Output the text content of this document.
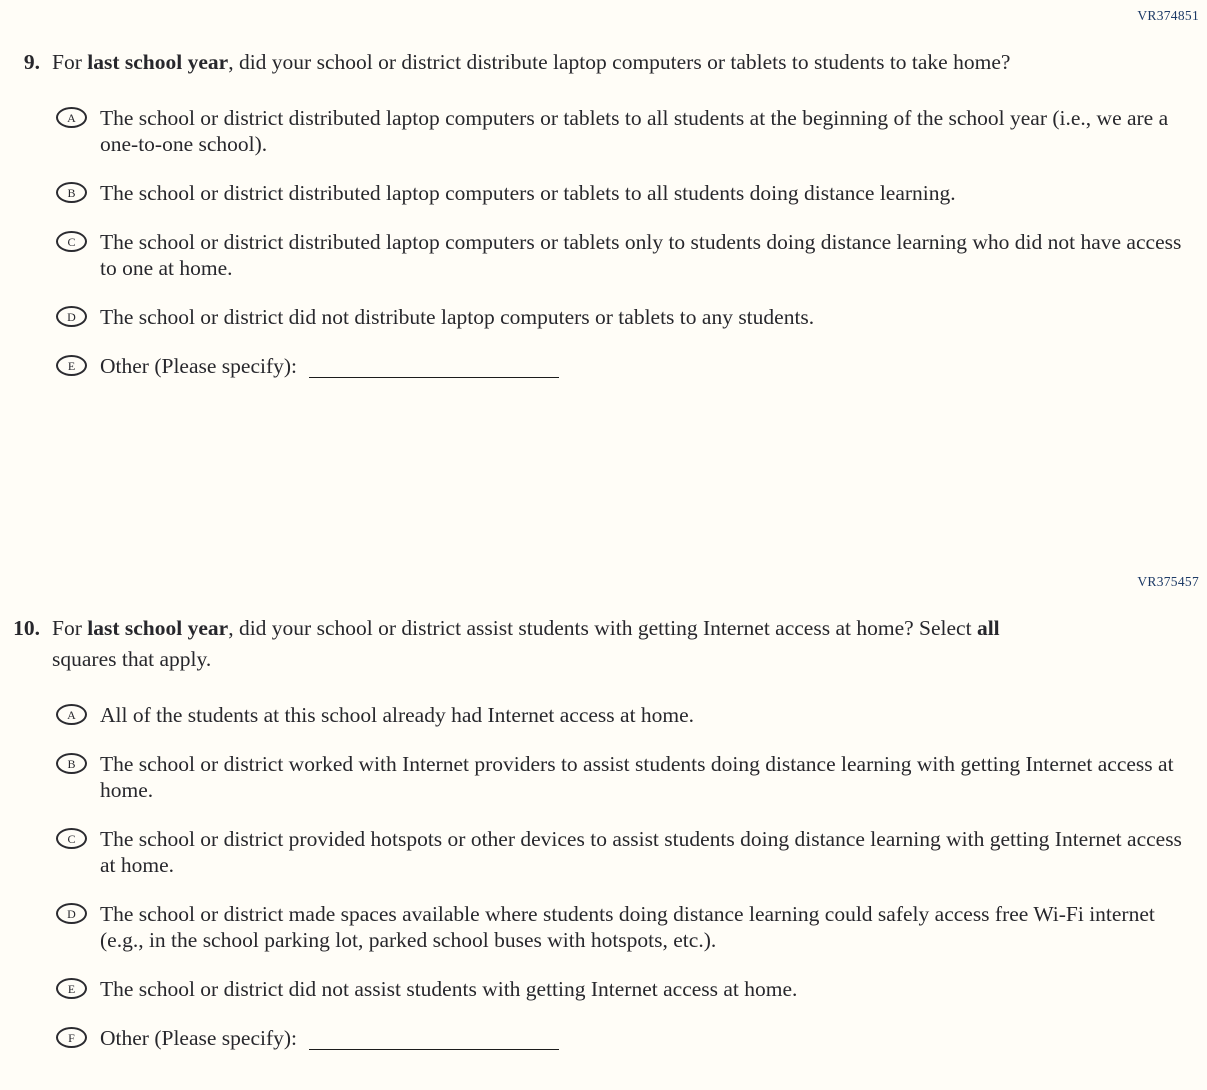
VR374851
9. For last school year, did your school or district distribute laptop computers or tablets to students to take home?
A The school or district distributed laptop computers or tablets to all students at the beginning of the school year (i.e., we are a one-to-one school).
B The school or district distributed laptop computers or tablets to all students doing distance learning.
C The school or district distributed laptop computers or tablets only to students doing distance learning who did not have access to one at home.
D The school or district did not distribute laptop computers or tablets to any students.
E Other (Please specify):
VR375457
10. For last school year, did your school or district assist students with getting Internet access at home? Select all squares that apply.
A All of the students at this school already had Internet access at home.
B The school or district worked with Internet providers to assist students doing distance learning with getting Internet access at home.
C The school or district provided hotspots or other devices to assist students doing distance learning with getting Internet access at home.
D The school or district made spaces available where students doing distance learning could safely access free Wi-Fi internet (e.g., in the school parking lot, parked school buses with hotspots, etc.).
E The school or district did not assist students with getting Internet access at home.
F Other (Please specify):
